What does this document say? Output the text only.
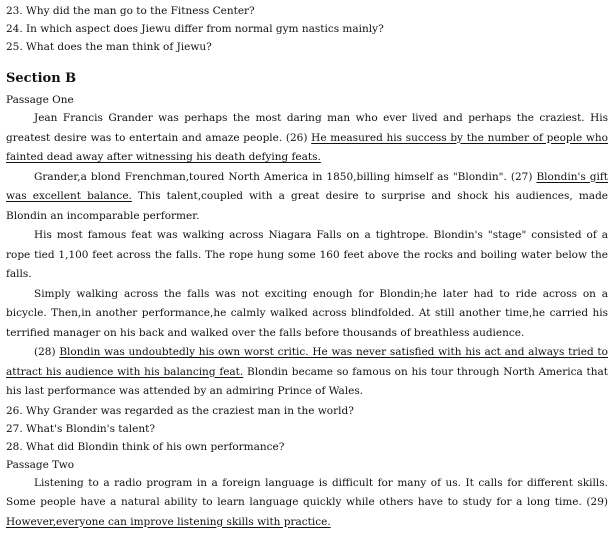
23. Why did the man go to the Fitness Center?

24. In which aspect does Jiewu differ from normal gym nastics mainly?

25. What does the man think of Jiewu?

Section B

Passage One

Jean Francis Grander was perhaps the most daring man who ever lived and perhaps the craziest. His greatest desire was to entertain and amaze people. (26) He measured his success by the number of people who fainted dead away after witnessing his death defying feats.

Grander,a blond Frenchman,toured North America in 1850,billing himself as "Blondin". (27) Blondin's gift was excellent balance. This talent,coupled with a great desire to surprise and shock his audiences, made Blondin an incomparable performer.

His most famous feat was walking across Niagara Falls on a tightrope. Blondin's "stage" consisted of a rope tied 1,100 feet across the falls. The rope hung some 160 feet above the rocks and boiling water below the falls.

Simply walking across the falls was not exciting enough for Blondin;he later had to ride across on a bicycle. Then,in another performance,he calmly walked across blindfolded. At still another time,he carried his terrified manager on his back and walked over the falls before thousands of breathless audience.

(28) Blondin was undoubtedly his own worst critic. He was never satisfied with his act and always tried to attract his audience with his balancing feat. Blondin became so famous on his tour through North America that his last performance was attended by an admiring Prince of Wales.

26. Why Grander was regarded as the craziest man in the world?

27. What's Blondin's talent?

28. What did Blondin think of his own performance?

Passage Two

Listening to a radio program in a foreign language is difficult for many of us. It calls for different skills. Some people have a natural ability to learn language quickly while others have to study for a long time. (29) However,everyone can improve listening skills with practice.
